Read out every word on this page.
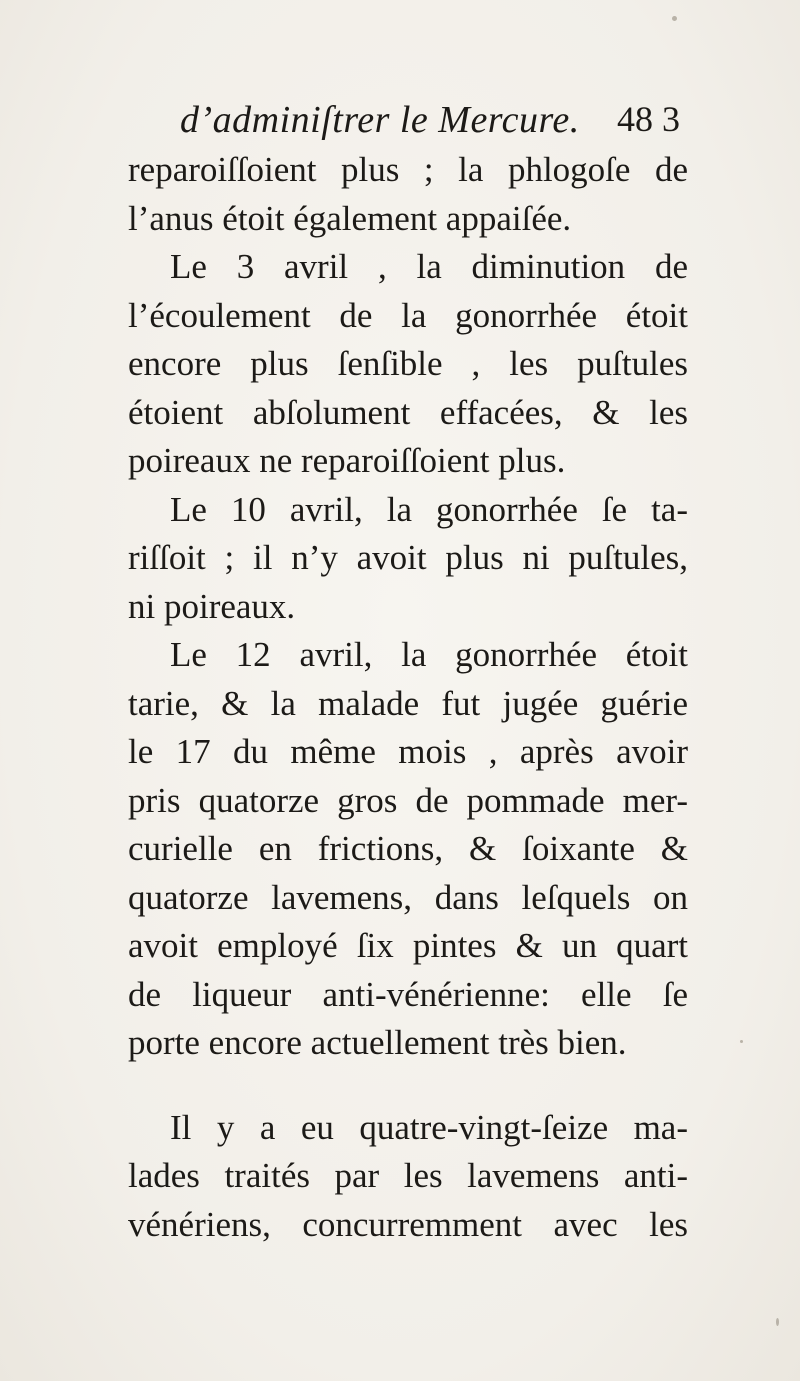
d’adminiſtrer le Mercure. 48 3
reparoiſſoient plus ; la phlogoſe de
l’anus étoit également appaiſée.
Le 3 avril , la diminution de
l’écoulement de la gonorrhée étoit
encore plus ſenſible , les puſtules
étoient abſolument effacées, & les
poireaux ne reparoiſſoient plus.
Le 10 avril, la gonorrhée ſe ta-
riſſoit ; il n’y avoit plus ni puſtules,
ni poireaux.
Le 12 avril, la gonorrhée étoit
tarie, & la malade fut jugée guérie
le 17 du même mois , après avoir
pris quatorze gros de pommade mer-
curielle en frictions, & ſoixante &
quatorze lavemens, dans leſquels on
avoit employé ſix pintes & un quart
de liqueur anti-vénérienne: elle ſe
porte encore actuellement très bien.
Il y a eu quatre-vingt-ſeize ma-
lades traités par les lavemens anti-
vénériens, concurremment avec les
